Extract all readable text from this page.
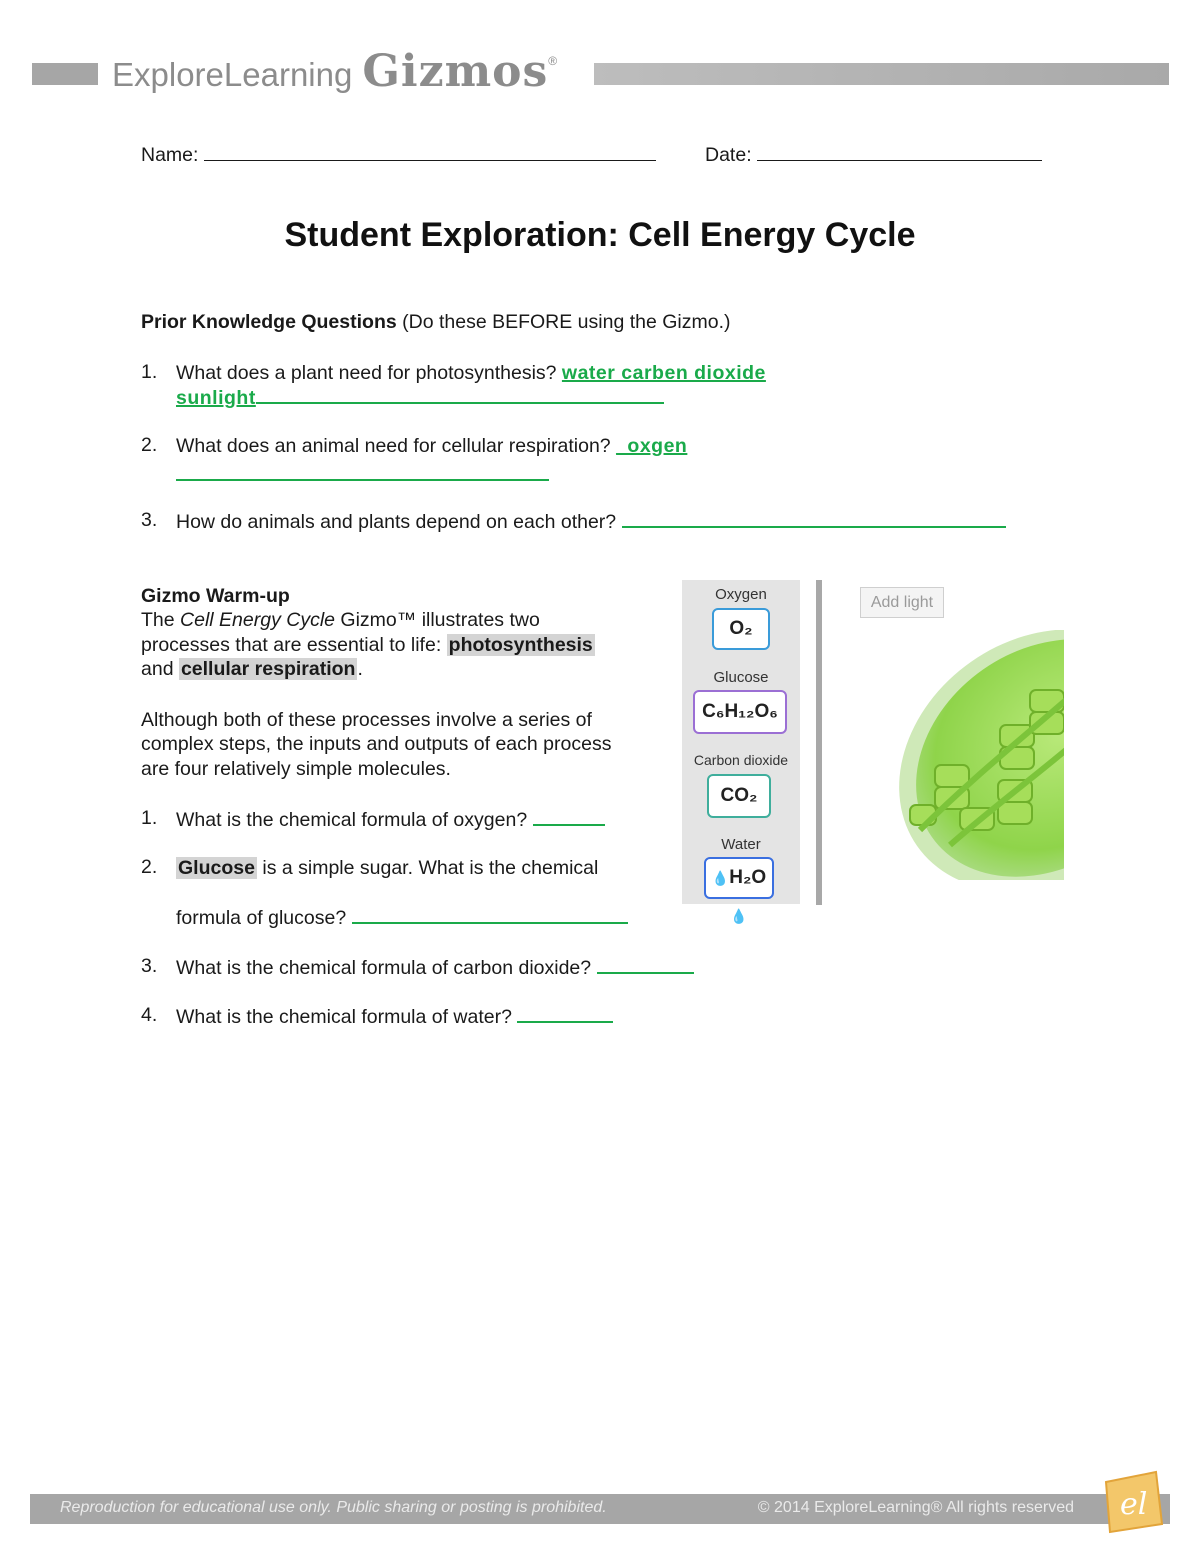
ExploreLearning Gizmos®
Name:	Date:
Student Exploration: Cell Energy Cycle
Prior Knowledge Questions (Do these BEFORE using the Gizmo.)
1. What does a plant need for photosynthesis? water carben dioxide
sunlight
2. What does an animal need for cellular respiration? _oxgen
3. How do animals and plants depend on each other?
Gizmo Warm-up
The Cell Energy Cycle Gizmo™ illustrates two
processes that are essential to life: photosynthesis
and cellular respiration .
Although both of these processes involve a series of
complex steps, the inputs and outputs of each process
are four relatively simple molecules.
1. What is the chemical formula of oxygen?
2. Glucose is a simple sugar. What is the chemical
formula of glucose?
3. What is the chemical formula of carbon dioxide?
4. What is the chemical formula of water?
Oxygen
O₂
Glucose
C₆H₁₂O₆
Carbon dioxide
CO₂
Water
💧H₂O💧
Add light
Reproduction for educational use only. Public sharing or posting is prohibited.	© 2014 ExploreLearning® All rights reserved el
